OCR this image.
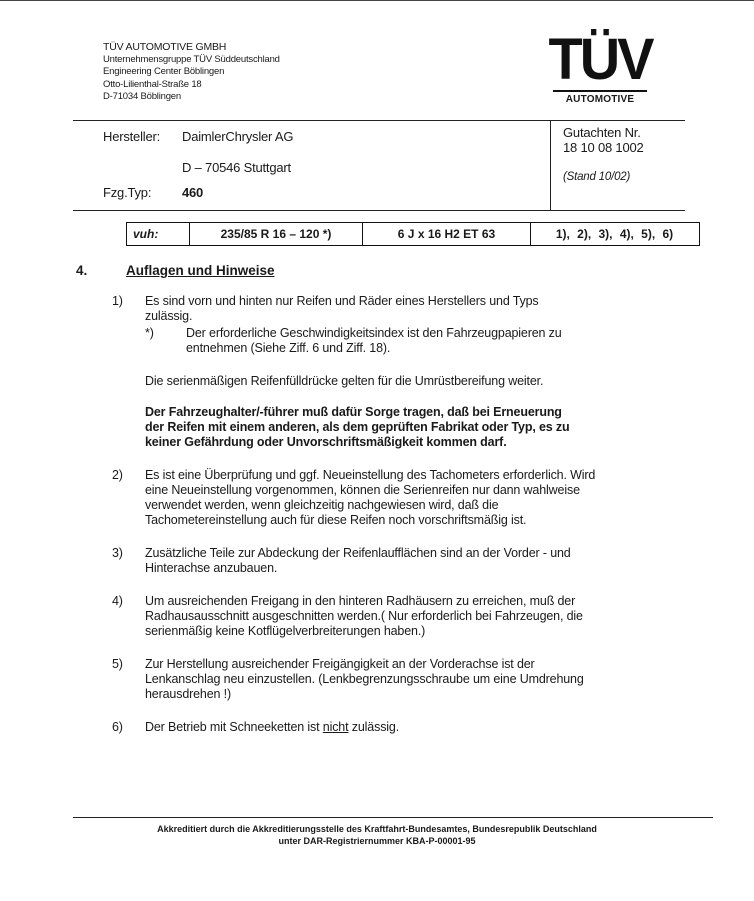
TÜV AUTOMOTIVE GMBH
Unternehmensgruppe TÜV Süddeutschland
Engineering Center Böblingen
Otto-Lilienthal-Straße 18
D-71034 Böblingen
TÜV
AUTOMOTIVE
Hersteller: DaimlerChrysler AG
D – 70546 Stuttgart
Fzg.Typ: 460
Gutachten Nr.
18 10 08 1002
(Stand 10/02)
vuh:	235/85 R 16 – 120 *)	6 J x 16 H2 ET 63	1), 2), 3), 4), 5), 6)
4.	Auflagen und Hinweise
1) Es sind vorn und hinten nur Reifen und Räder eines Herstellers und Typs
zulässig.
*)	Der erforderliche Geschwindigkeitsindex ist den Fahrzeugpapieren zu
entnehmen (Siehe Ziff. 6 und Ziff. 18).
Die serienmäßigen Reifenfülldrücke gelten für die Umrüstbereifung weiter.
Der Fahrzeughalter/-führer muß dafür Sorge tragen, daß bei Erneuerung
der Reifen mit einem anderen, als dem geprüften Fabrikat oder Typ, es zu
keiner Gefährdung oder Unvorschriftsmäßigkeit kommen darf.
2) Es ist eine Überprüfung und ggf. Neueinstellung des Tachometers erforderlich. Wird
eine Neueinstellung vorgenommen, können die Serienreifen nur dann wahlweise
verwendet werden, wenn gleichzeitig nachgewiesen wird, daß die
Tachometereinstellung auch für diese Reifen noch vorschriftsmäßig ist.
3) Zusätzliche Teile zur Abdeckung der Reifenlaufflächen sind an der Vorder - und
Hinterachse anzubauen.
4) Um ausreichenden Freigang in den hinteren Radhäusern zu erreichen, muß der
Radhausausschnitt ausgeschnitten werden.( Nur erforderlich bei Fahrzeugen, die
serienmäßig keine Kotflügelverbreiterungen haben.)
5) Zur Herstellung ausreichender Freigängigkeit an der Vorderachse ist der
Lenkanschlag neu einzustellen. (Lenkbegrenzungsschraube um eine Umdrehung
herausdrehen !)
6) Der Betrieb mit Schneeketten ist nicht zulässig.
Akkreditiert durch die Akkreditierungsstelle des Kraftfahrt-Bundesamtes, Bundesrepublik Deutschland
unter DAR-Registriernummer KBA-P-00001-95
